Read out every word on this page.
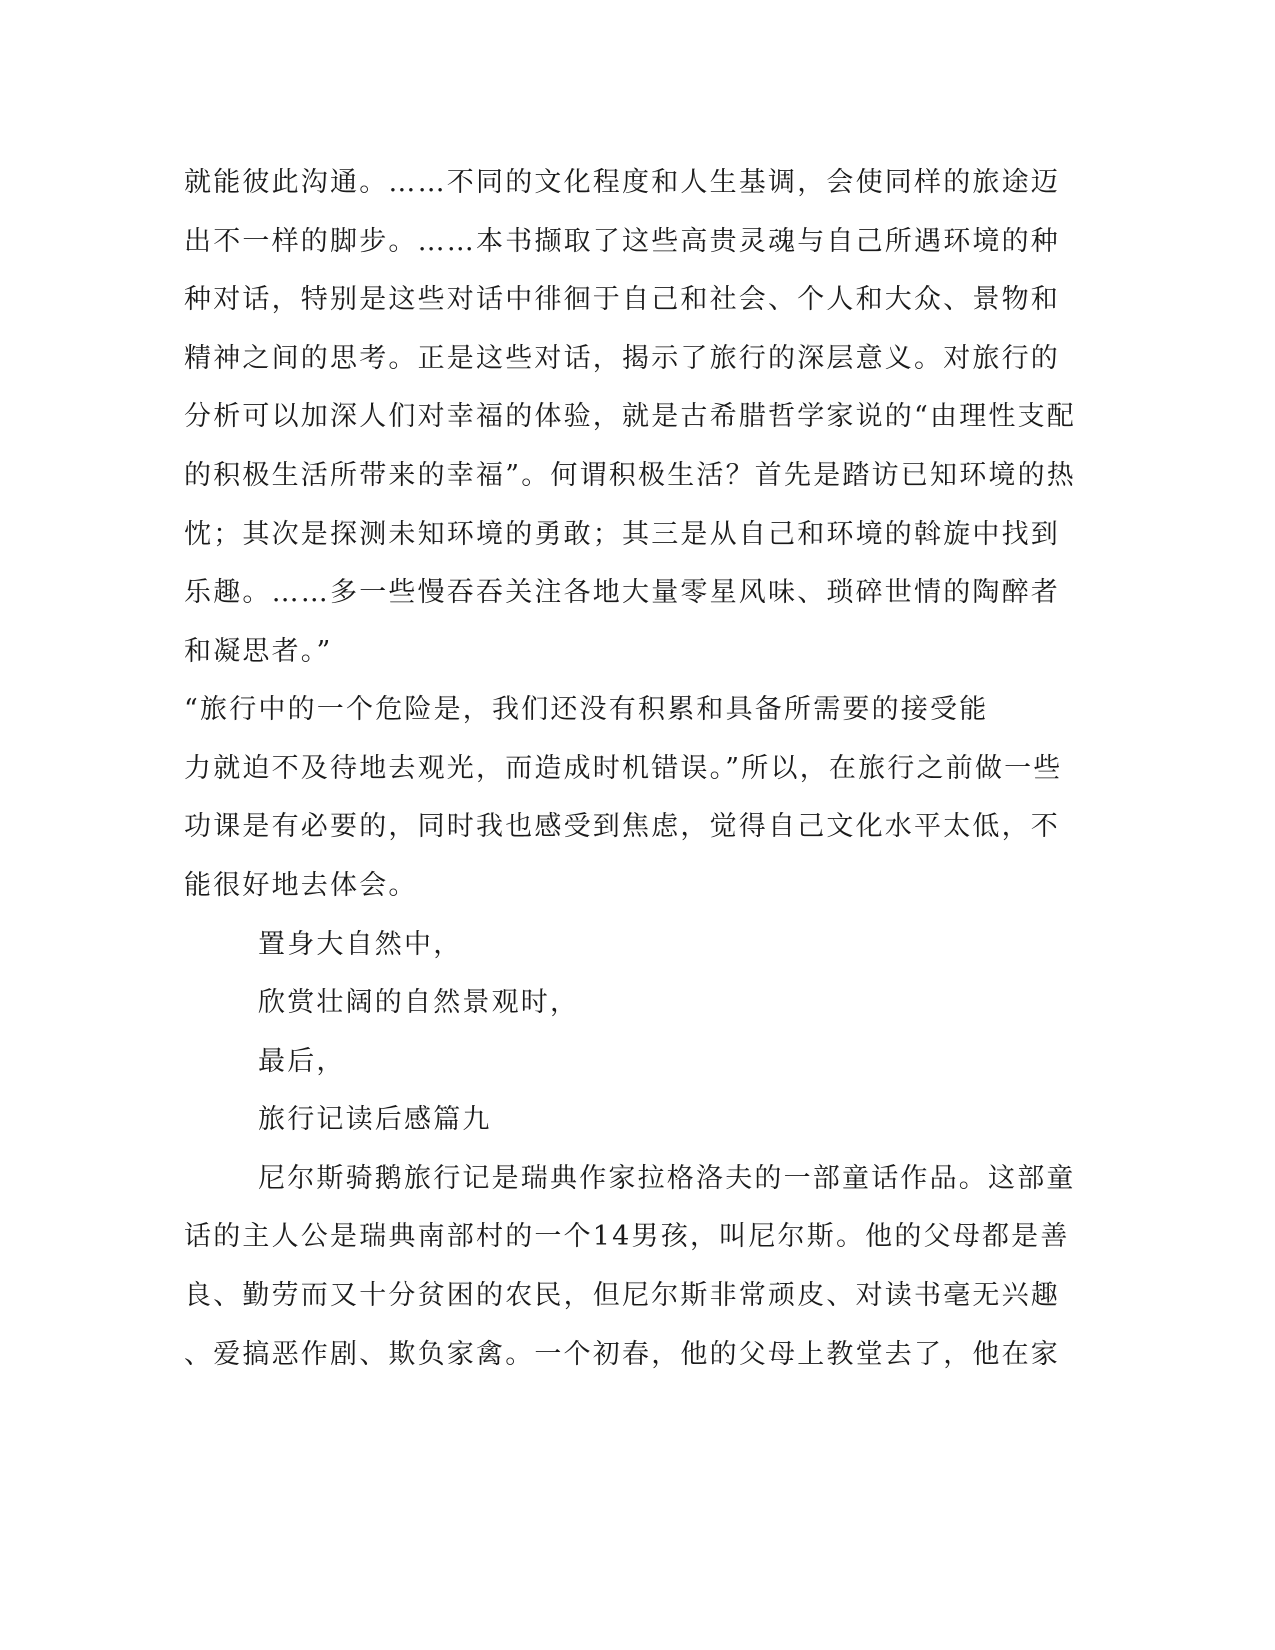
就能彼此沟通。……不同的文化程度和人生基调，会使同样的旅途迈
出不一样的脚步。……本书撷取了这些高贵灵魂与自己所遇环境的种
种对话，特别是这些对话中徘徊于自己和社会、个人和大众、景物和
精神之间的思考。正是这些对话，揭示了旅行的深层意义。对旅行的
分析可以加深人们对幸福的体验，就是古希腊哲学家说的“由理性支配
的积极生活所带来的幸福”。何谓积极生活？首先是踏访已知环境的热
忱；其次是探测未知环境的勇敢；其三是从自己和环境的斡旋中找到
乐趣。……多一些慢吞吞关注各地大量零星风味、琐碎世情的陶醉者
和凝思者。”
“旅行中的一个危险是，我们还没有积累和具备所需要的接受能
力就迫不及待地去观光，而造成时机错误。”所以，在旅行之前做一些
功课是有必要的，同时我也感受到焦虑，觉得自己文化水平太低，不
能很好地去体会。
置身大自然中，
欣赏壮阔的自然景观时，
最后，
旅行记读后感篇九
尼尔斯骑鹅旅行记是瑞典作家拉格洛夫的一部童话作品。这部童
话的主人公是瑞典南部村的一个14男孩，叫尼尔斯。他的父母都是善
良、勤劳而又十分贫困的农民，但尼尔斯非常顽皮、对读书毫无兴趣
、爱搞恶作剧、欺负家禽。一个初春，他的父母上教堂去了，他在家
